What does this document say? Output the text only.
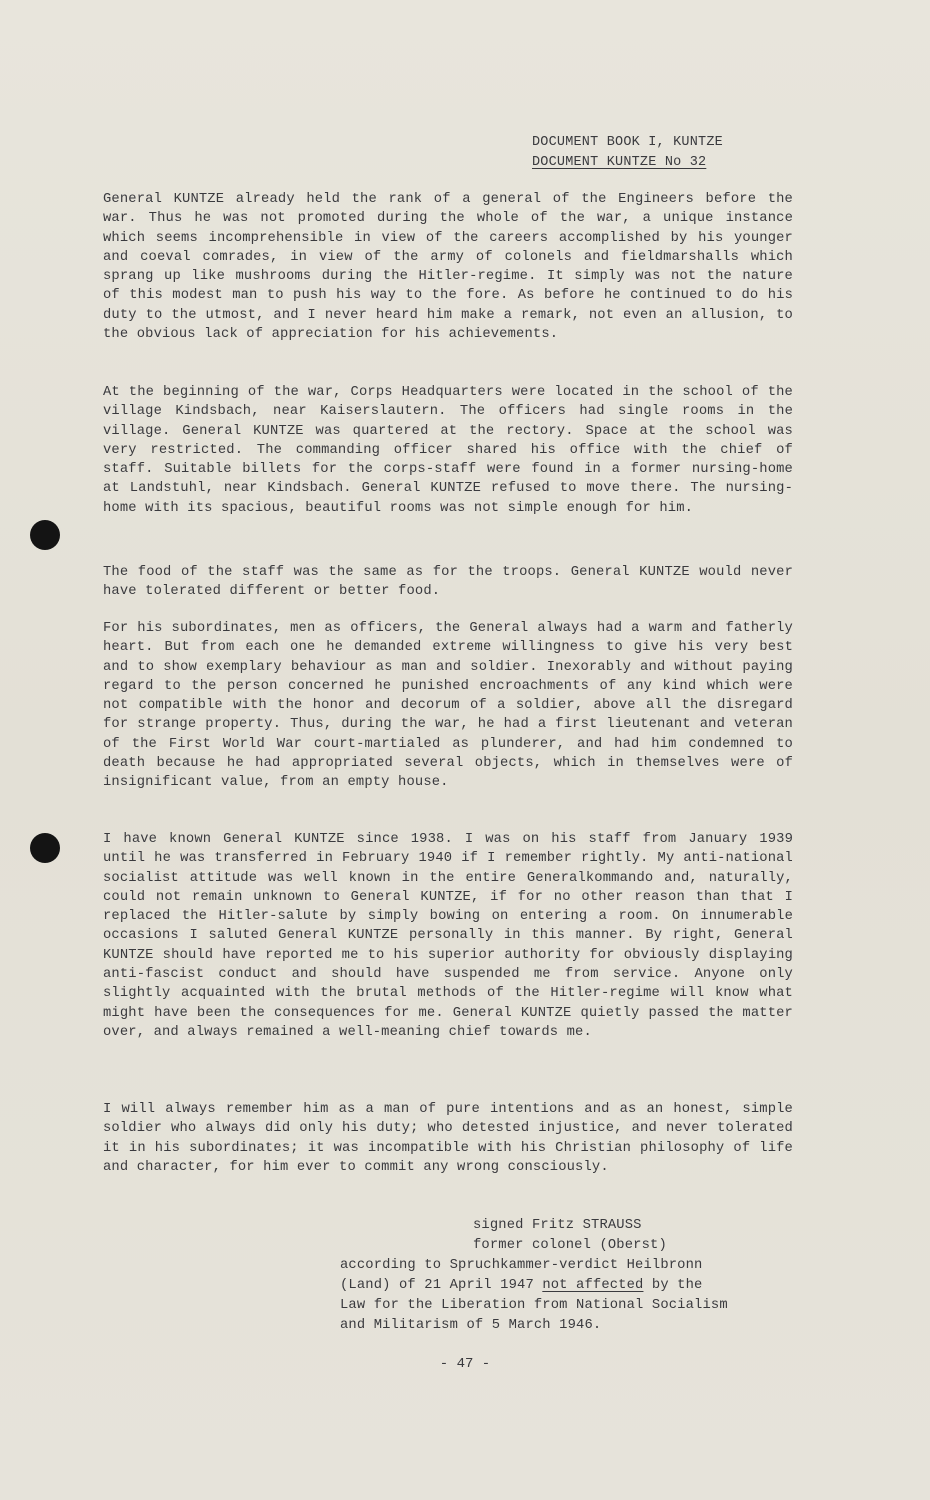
DOCUMENT BOOK I, KUNTZE
DOCUMENT KUNTZE No 32

General KUNTZE already held the rank of a general of the Engineers before the war. Thus he was not promoted during the whole of the war, a unique instance which seems incomprehensible in view of the careers accomplished by his younger and coeval comrades, in view of the army of colonels and fieldmarshalls which sprang up like mushrooms during the Hitler-regime. It simply was not the nature of this modest man to push his way to the fore. As before he continued to do his duty to the utmost, and I never heard him make a remark, not even an allusion, to the obvious lack of appreciation for his achievements.

At the beginning of the war, Corps Headquarters were located in the school of the village Kindsbach, near Kaiserslautern. The officers had single rooms in the village. General KUNTZE was quartered at the rectory. Space at the school was very restricted. The commanding officer shared his office with the chief of staff. Suitable billets for the corps-staff were found in a former nursing-home at Landstuhl, near Kindsbach. General KUNTZE refused to move there. The nursing-home with its spacious, beautiful rooms was not simple enough for him.

The food of the staff was the same as for the troops. General KUNTZE would never have tolerated different or better food.

For his subordinates, men as officers, the General always had a warm and fatherly heart. But from each one he demanded extreme willingness to give his very best and to show exemplary behaviour as man and soldier. Inexorably and without paying regard to the person concerned he punished encroachments of any kind which were not compatible with the honor and decorum of a soldier, above all the disregard for strange property. Thus, during the war, he had a first lieutenant and veteran of the First World War court-martialed as plunderer, and had him condemned to death because he had appropriated several objects, which in themselves were of insignificant value, from an empty house.

I have known General KUNTZE since 1938. I was on his staff from January 1939 until he was transferred in February 1940 if I remember rightly. My anti-national socialist attitude was well known in the entire Generalkommando and, naturally, could not remain unknown to General KUNTZE, if for no other reason than that I replaced the Hitler-salute by simply bowing on entering a room. On innumerable occasions I saluted General KUNTZE personally in this manner. By right, General KUNTZE should have reported me to his superior authority for obviously displaying anti-fascist conduct and should have suspended me from service. Anyone only slightly acquainted with the brutal methods of the Hitler-regime will know what might have been the consequences for me. General KUNTZE quietly passed the matter over, and always remained a well-meaning chief towards me.

I will always remember him as a man of pure intentions and as an honest, simple soldier who always did only his duty; who detested injustice, and never tolerated it in his subordinates; it was incompatible with his Christian philosophy of life and character, for him ever to commit any wrong consciously.

signed Fritz STRAUSS
former colonel (Oberst)
according to Spruchkammer-verdict Heilbronn
(Land) of 21 April 1947 not affected by the
Law for the Liberation from National Socialism
and Militarism of 5 March 1946.
- 47 -
